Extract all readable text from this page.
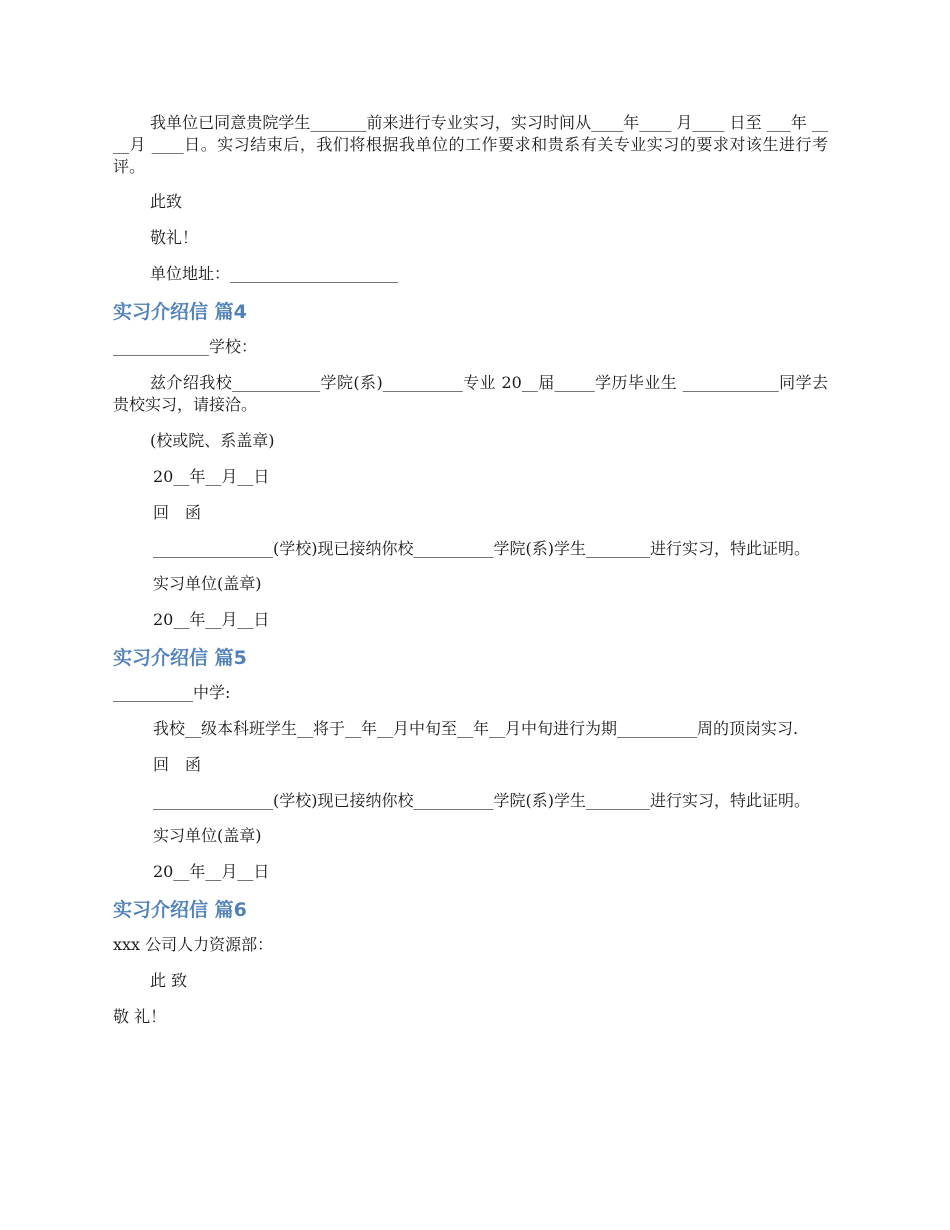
我单位已同意贵院学生_______前来进行专业实习，实习时间从____年____ 月____ 日至 ___年 ____月 ____日。实习结束后，我们将根据我单位的工作要求和贵系有关专业实习的要求对该生进行考评。

此致

敬礼！

单位地址：_____________________

实习介绍信 篇4

____________学校：

兹介绍我校___________学院(系)__________专业 20__届_____学历毕业生 ____________同学去贵校实习，请接洽。

(校或院、系盖章)

20__年__月__日

回　函

_______________(学校)现已接纳你校__________学院(系)学生________进行实习，特此证明。

实习单位(盖章)

20__年__月__日

实习介绍信 篇5

__________中学:

我校__级本科班学生__将于__年__月中旬至__年__月中旬进行为期__________周的顶岗实习.

回　函

_______________(学校)现已接纳你校__________学院(系)学生________进行实习，特此证明。

实习单位(盖章)

20__年__月__日

实习介绍信 篇6

xxx 公司人力资源部：

此 致

敬 礼！
